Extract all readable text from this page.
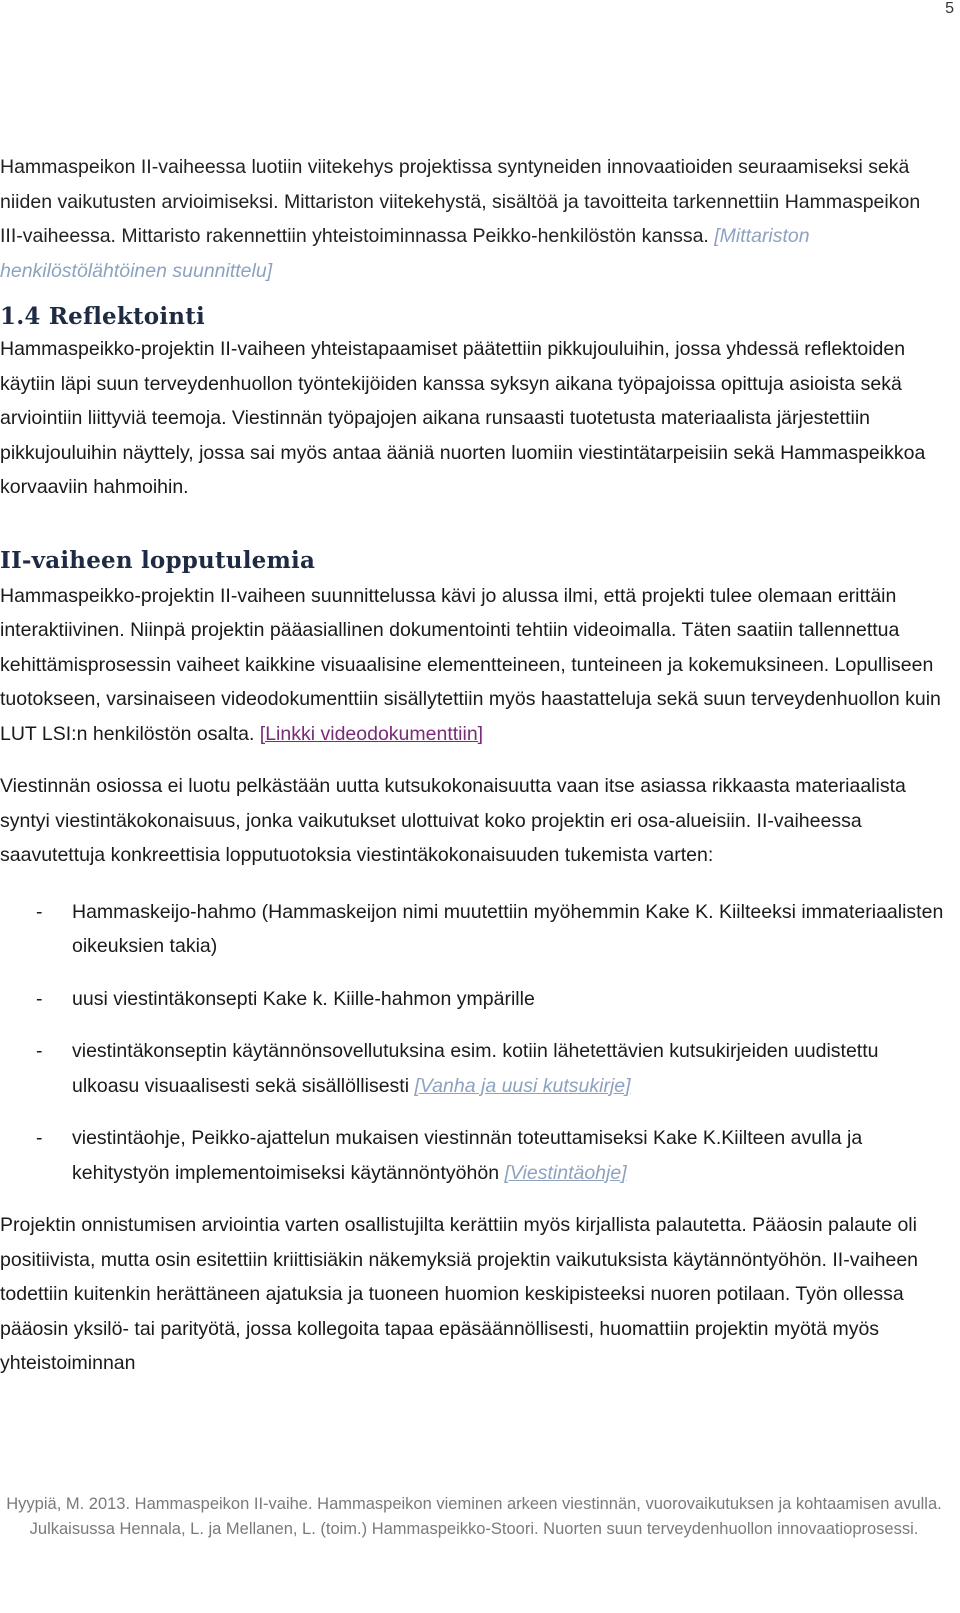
5

Hammaspeikon II-vaiheessa luotiin viitekehys projektissa syntyneiden innovaatioiden seuraamiseksi sekä niiden vaikutusten arvioimiseksi. Mittariston viitekehystä, sisältöä ja tavoitteita tarkennettiin Hammaspeikon III-vaiheessa. Mittaristo rakennettiin yhteistoiminnassa Peikko-henkilöstön kanssa. [Mittariston henkilöstölähtöinen suunnittelu]

1.4 Reflektointi

Hammaspeikko-projektin II-vaiheen yhteistapaamiset päätettiin pikkujouluihin, jossa yhdessä reflektoiden käytiin läpi suun terveydenhuollon työntekijöiden kanssa syksyn aikana työpajoissa opittuja asioista sekä arviointiin liittyviä teemoja. Viestinnän työpajojen aikana runsaasti tuotetusta materiaalista järjestettiin pikkujouluihin näyttely, jossa sai myös antaa ääniä nuorten luomiin viestintätarpeisiin sekä Hammaspeikkoa korvaaviin hahmoihin.

II-vaiheen lopputulemia

Hammaspeikko-projektin II-vaiheen suunnittelussa kävi jo alussa ilmi, että projekti tulee olemaan erittäin interaktiivinen. Niinpä projektin pääasiallinen dokumentointi tehtiin videoimalla. Täten saatiin tallennettua kehittämisprosessin vaiheet kaikkine visuaalisine elementteineen, tunteineen ja kokemuksineen. Lopulliseen tuotokseen, varsinaiseen videodokumenttiin sisällytettiin myös haastatteluja sekä suun terveydenhuollon kuin LUT LSI:n henkilöstön osalta. [Linkki videodokumenttiin]

Viestinnän osiossa ei luotu pelkästään uutta kutsukokonaisuutta vaan itse asiassa rikkaasta materiaalista syntyi viestintäkokonaisuus, jonka vaikutukset ulottuivat koko projektin eri osa-alueisiin. II-vaiheessa saavutettuja konkreettisia lopputuotoksia viestintäkokonaisuuden tukemista varten:

- Hammaskeijo-hahmo (Hammaskeijon nimi muutettiin myöhemmin Kake K. Kiilteeksi immateriaalisten oikeuksien takia)
- uusi viestintäkonsepti Kake k. Kiille-hahmon ympärille
- viestintäkonseptin käytännönsovellutuksina esim. kotiin lähetettävien kutsukirjeiden uudistettu ulkoasu visuaalisesti sekä sisällöllisesti [Vanha ja uusi kutsukirje]
- viestintäohje, Peikko-ajattelun mukaisen viestinnän toteuttamiseksi Kake K.Kiilteen avulla ja kehitystyön implementoimiseksi käytännöntyöhön [Viestintäohje]

Projektin onnistumisen arviointia varten osallistujilta kerättiin myös kirjallista palautetta. Pääosin palaute oli positiivista, mutta osin esitettiin kriittisiäkin näkemyksiä projektin vaikutuksista käytännöntyöhön. II-vaiheen todettiin kuitenkin herättäneen ajatuksia ja tuoneen huomion keskipisteeksi nuoren potilaan. Työn ollessa pääosin yksilö- tai parityötä, jossa kollegoita tapaa epäsäännöllisesti, huomattiin projektin myötä myös yhteistoiminnan

Hyypiä, M. 2013. Hammaspeikon II-vaihe. Hammaspeikon vieminen arkeen viestinnän, vuorovaikutuksen ja kohtaamisen avulla. Julkaisussa Hennala, L. ja Mellanen, L. (toim.) Hammaspeikko-Stoori. Nuorten suun terveydenhuollon innovaatioprosessi.
